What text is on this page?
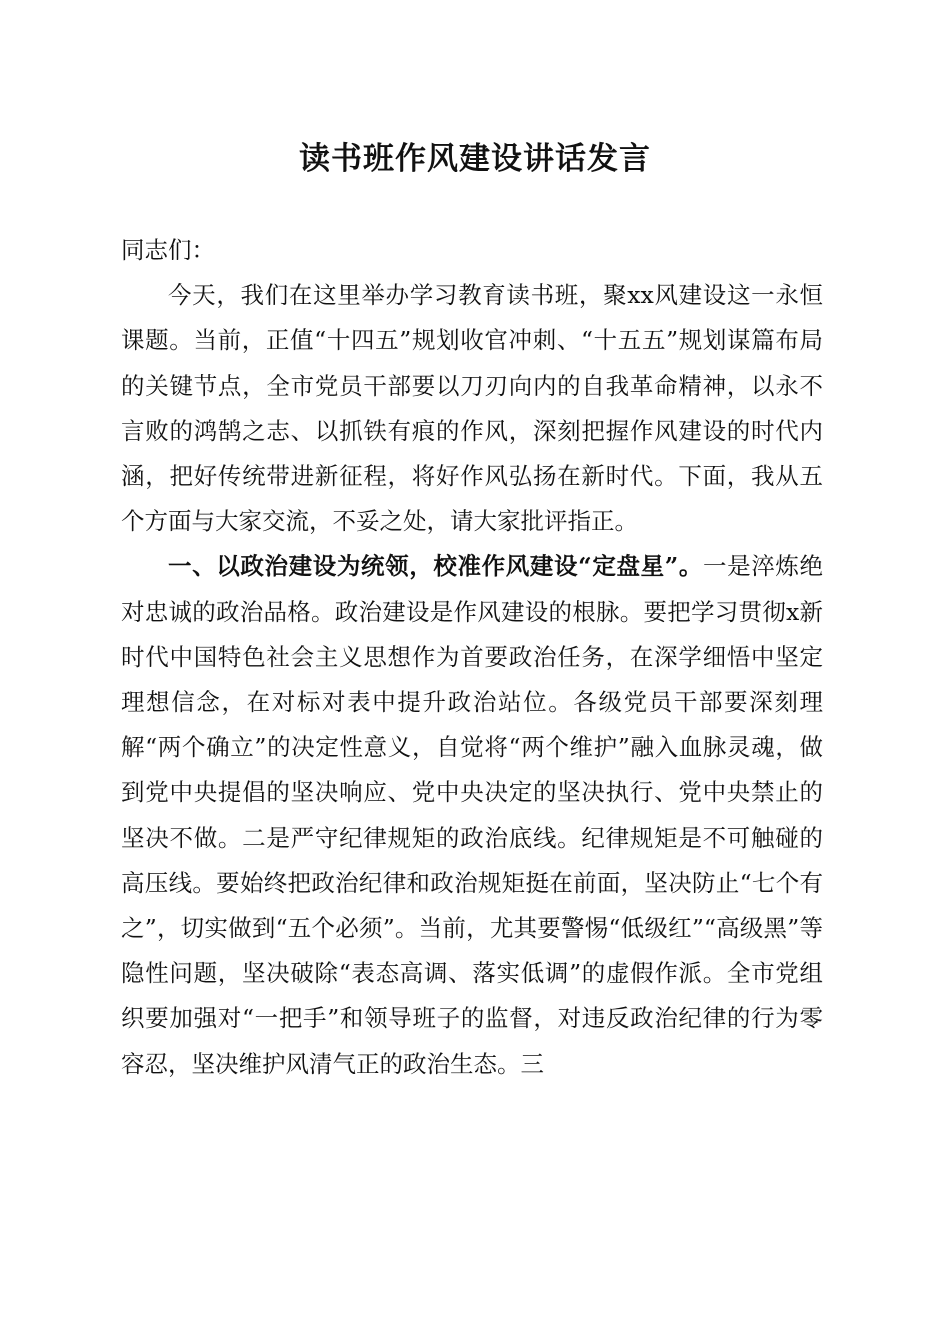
读书班作风建设讲话发言

同志们：

今天，我们在这里举办学习教育读书班，聚xx风建设这一永恒课题。当前，正值“十四五”规划收官冲刺、“十五五”规划谋篇布局的关键节点，全市党员干部要以刀刃向内的自我革命精神，以永不言败的鸿鹄之志、以抓铁有痕的作风，深刻把握作风建设的时代内涵，把好传统带进新征程，将好作风弘扬在新时代。下面，我从五个方面与大家交流，不妥之处，请大家批评指正。

一、以政治建设为统领，校准作风建设“定盘星”。一是淬炼绝对忠诚的政治品格。政治建设是作风建设的根脉。要把学习贯彻x新时代中国特色社会主义思想作为首要政治任务，在深学细悟中坚定理想信念，在对标对表中提升政治站位。各级党员干部要深刻理解“两个确立”的决定性意义，自觉将“两个维护”融入血脉灵魂，做到党中央提倡的坚决响应、党中央决定的坚决执行、党中央禁止的坚决不做。二是严守纪律规矩的政治底线。纪律规矩是不可触碰的高压线。要始终把政治纪律和政治规矩挺在前面，坚决防止“七个有之”，切实做到“五个必须”。当前，尤其要警惕“低级红”“高级黑”等隐性问题，坚决破除“表态高调、落实低调”的虚假作派。全市党组织要加强对“一把手”和领导班子的监督，对违反政治纪律的行为零容忍，坚决维护风清气正的政治生态。三
